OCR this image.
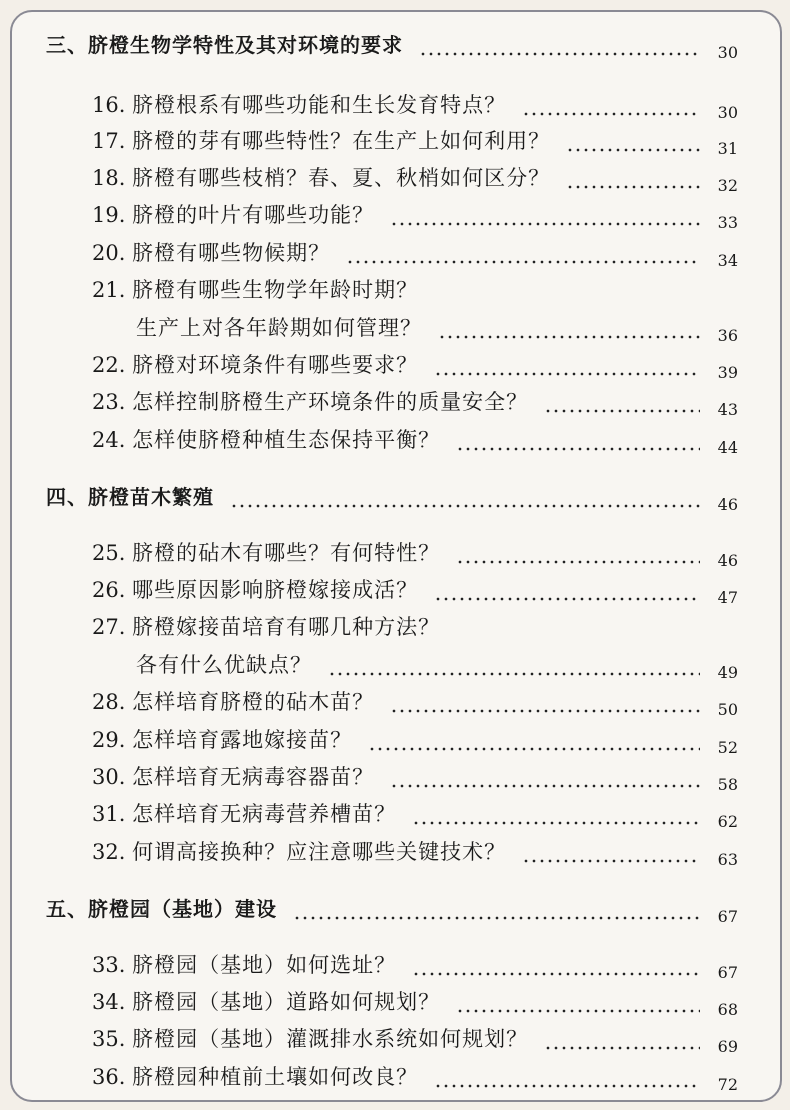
三、脐橙生物学特性及其对环境的要求	30
16.
脐橙根系有哪些功能和生长发育特点？	30
17.
脐橙的芽有哪些特性？在生产上如何利用？	31
18.
脐橙有哪些枝梢？春、夏、秋梢如何区分？	32
19.
脐橙的叶片有哪些功能？	33
20.
脐橙有哪些物候期？	34
21.
脐橙有哪些生物学年龄时期？
生产上对各年龄期如何管理？	36
22.
脐橙对环境条件有哪些要求？	39
23.
怎样控制脐橙生产环境条件的质量安全？	43
24.
怎样使脐橙种植生态保持平衡？	44
四、脐橙苗木繁殖	46
25.
脐橙的砧木有哪些？有何特性？	46
26.
哪些原因影响脐橙嫁接成活？	47
27.
脐橙嫁接苗培育有哪几种方法？
各有什么优缺点？	49
28.
怎样培育脐橙的砧木苗？	50
29.
怎样培育露地嫁接苗？	52
30.
怎样培育无病毒容器苗？	58
31.
怎样培育无病毒营养槽苗？	62
32.
何谓高接换种？应注意哪些关键技术？	63
五、脐橙园（基地）建设	67
33.
脐橙园（基地）如何选址？	67
34.
脐橙园（基地）道路如何规划？	68
35.
脐橙园（基地）灌溉排水系统如何规划？	69
36.
脐橙园种植前土壤如何改良？	72
